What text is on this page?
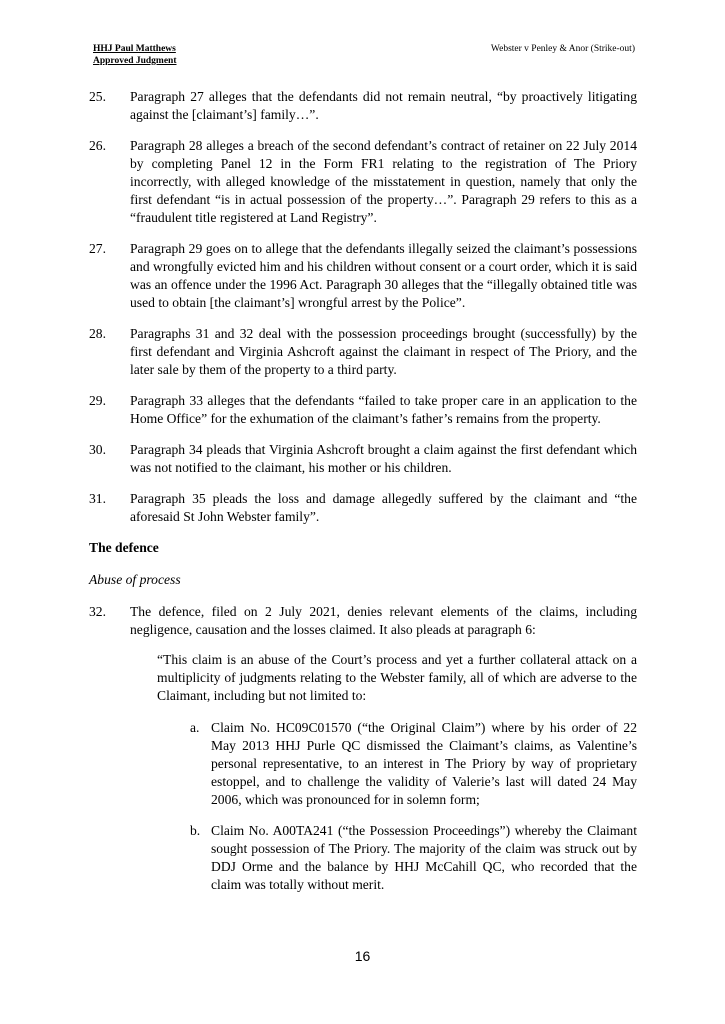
HHJ Paul Matthews
Approved Judgment
Webster v Penley & Anor (Strike-out)
25.	Paragraph 27 alleges that the defendants did not remain neutral, “by proactively litigating against the [claimant’s] family…”.
26.	Paragraph 28 alleges a breach of the second defendant’s contract of retainer on 22 July 2014 by completing Panel 12 in the Form FR1 relating to the registration of The Priory incorrectly, with alleged knowledge of the misstatement in question, namely that only the first defendant “is in actual possession of the property…”. Paragraph 29 refers to this as a “fraudulent title registered at Land Registry”.
27.	Paragraph 29 goes on to allege that the defendants illegally seized the claimant’s possessions and wrongfully evicted him and his children without consent or a court order, which it is said was an offence under the 1996 Act. Paragraph 30 alleges that the “illegally obtained title was used to obtain [the claimant’s] wrongful arrest by the Police”.
28.	Paragraphs 31 and 32 deal with the possession proceedings brought (successfully) by the first defendant and Virginia Ashcroft against the claimant in respect of The Priory, and the later sale by them of the property to a third party.
29.	Paragraph 33 alleges that the defendants “failed to take proper care in an application to the Home Office” for the exhumation of the claimant’s father’s remains from the property.
30.	Paragraph 34 pleads that Virginia Ashcroft brought a claim against the first defendant which was not notified to the claimant, his mother or his children.
31.	Paragraph 35 pleads the loss and damage allegedly suffered by the claimant and “the aforesaid St John Webster family”.
The defence
Abuse of process
32.	The defence, filed on 2 July 2021, denies relevant elements of the claims, including negligence, causation and the losses claimed. It also pleads at paragraph 6:
“This claim is an abuse of the Court’s process and yet a further collateral attack on a multiplicity of judgments relating to the Webster family, all of which are adverse to the Claimant, including but not limited to:
a. Claim No. HC09C01570 (“the Original Claim”) where by his order of 22 May 2013 HHJ Purle QC dismissed the Claimant’s claims, as Valentine’s personal representative, to an interest in The Priory by way of proprietary estoppel, and to challenge the validity of Valerie’s last will dated 24 May 2006, which was pronounced for in solemn form;
b. Claim No. A00TA241 (“the Possession Proceedings”) whereby the Claimant sought possession of The Priory. The majority of the claim was struck out by DDJ Orme and the balance by HHJ McCahill QC, who recorded that the claim was totally without merit.
16
